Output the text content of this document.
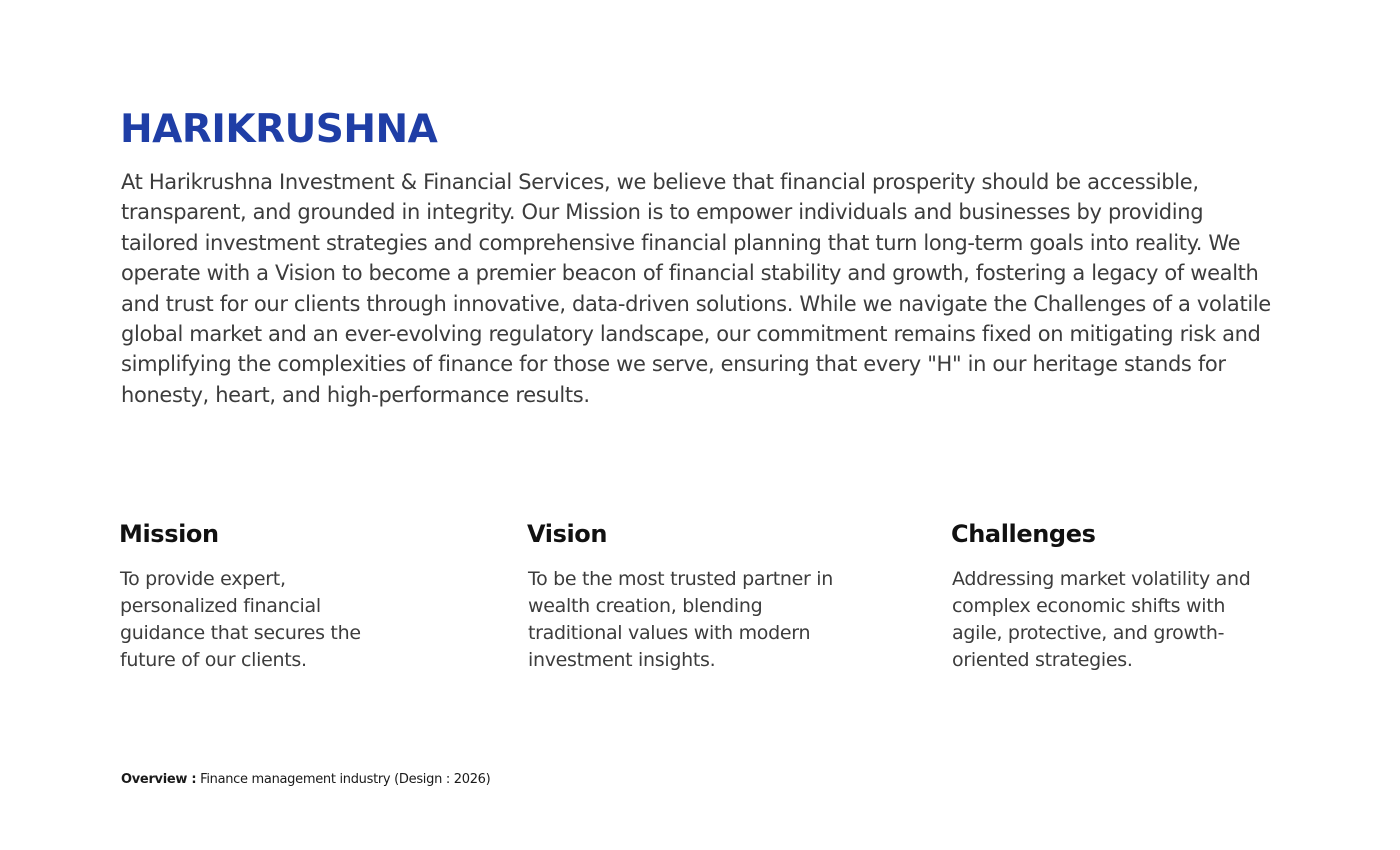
HARIKRUSHNA

At Harikrushna Investment & Financial Services, we believe that financial prosperity should be accessible, transparent, and grounded in integrity. Our Mission is to empower individuals and businesses by providing tailored investment strategies and comprehensive financial planning that turn long-term goals into reality. We operate with a Vision to become a premier beacon of financial stability and growth, fostering a legacy of wealth and trust for our clients through innovative, data-driven solutions. While we navigate the Challenges of a volatile global market and an ever-evolving regulatory landscape, our commitment remains fixed on mitigating risk and simplifying the complexities of finance for those we serve, ensuring that every "H" in our heritage stands for honesty, heart, and high-performance results.

Mission

To provide expert, personalized financial guidance that secures the future of our clients.

Vision

To be the most trusted partner in wealth creation, blending traditional values with modern investment insights.

Challenges

Addressing market volatility and complex economic shifts with agile, protective, and growth-oriented strategies.

Overview : Finance management industry (Design : 2026)
